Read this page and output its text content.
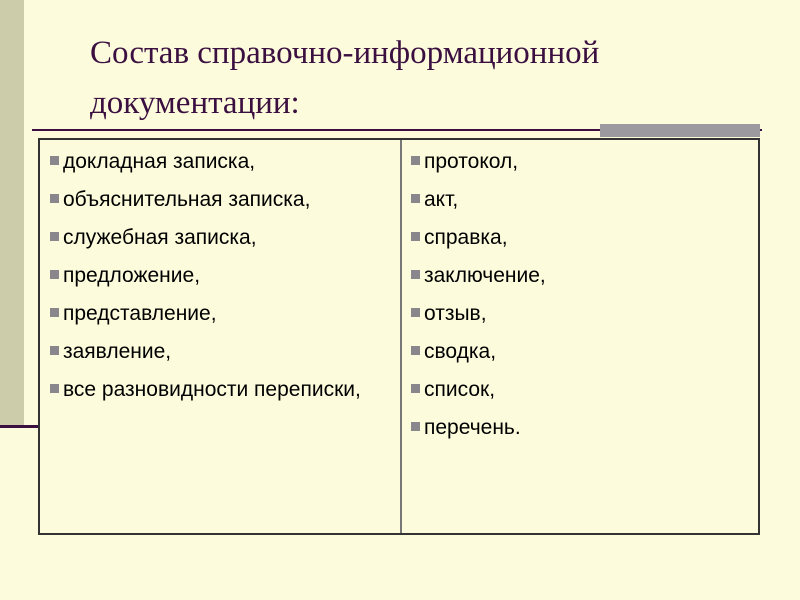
Состав справочно-информационной документации:
докладная записка,
объяснительная записка,
служебная записка,
предложение,
представление,
заявление,
все разновидности переписки,
протокол,
акт,
справка,
заключение,
отзыв,
сводка,
список,
перечень.
